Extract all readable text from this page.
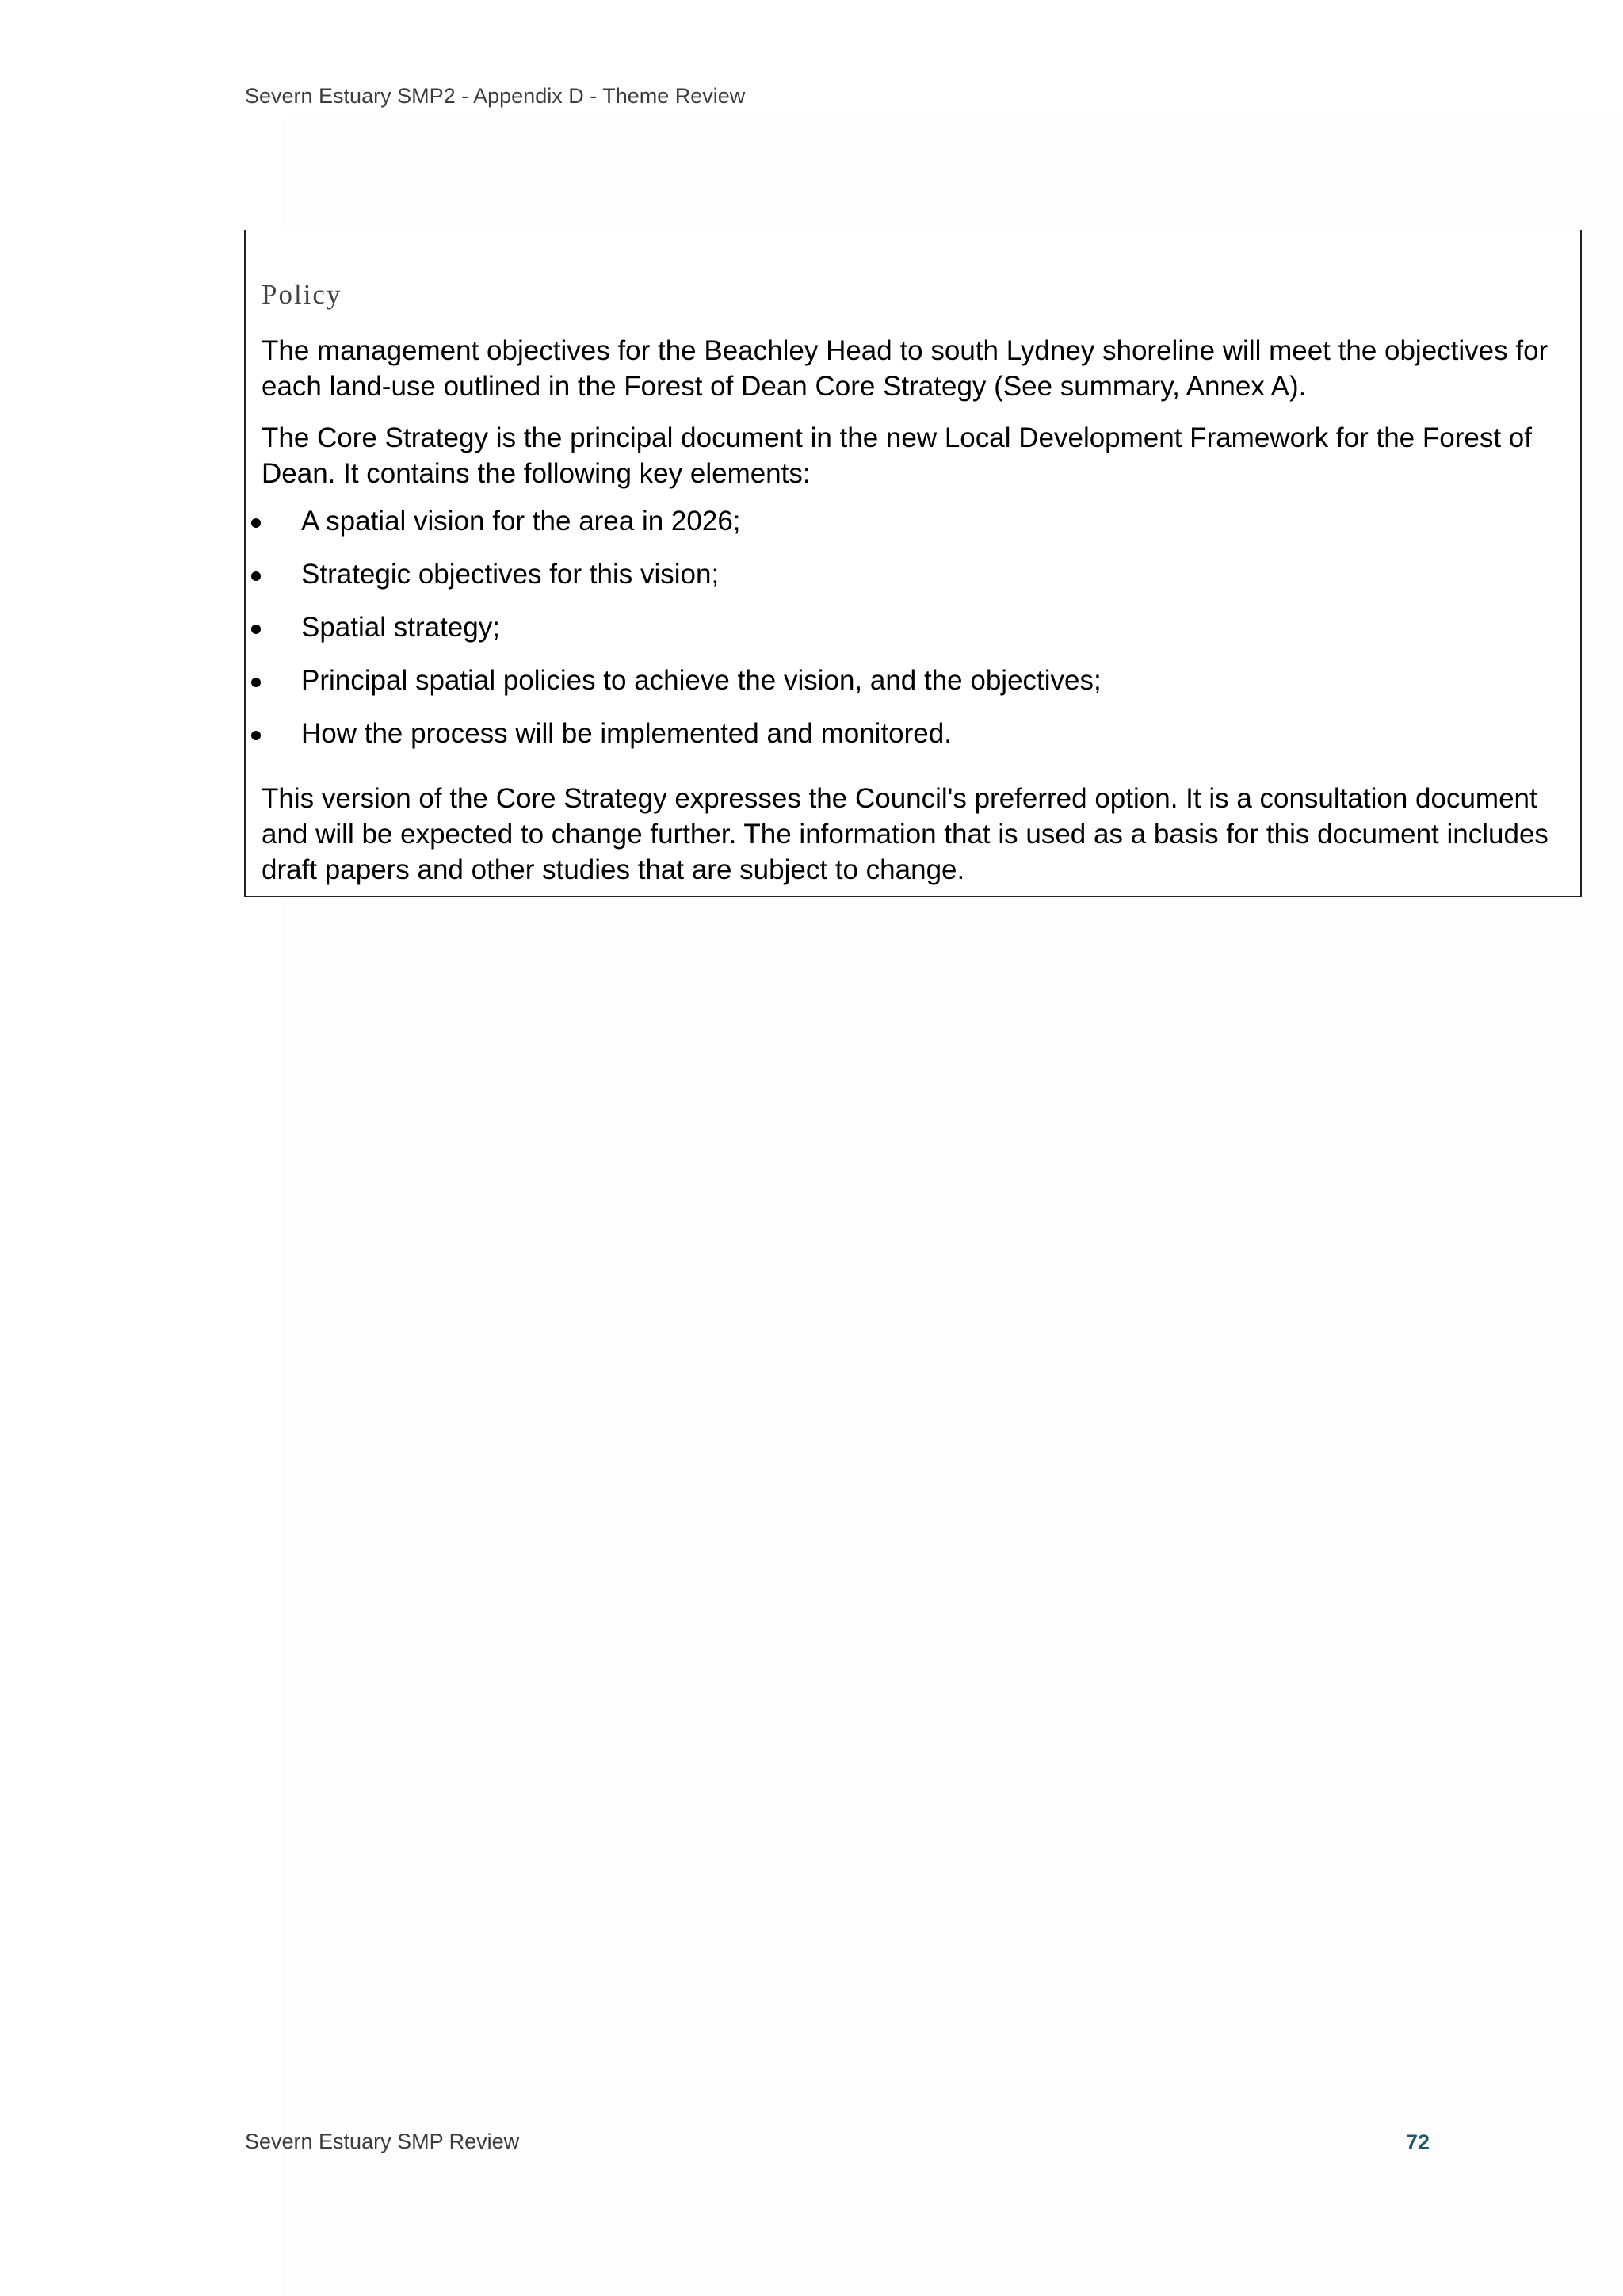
Severn Estuary SMP2 - Appendix D - Theme Review
Policy
The management objectives for the Beachley Head to south Lydney shoreline will meet the objectives for each land-use outlined in the Forest of Dean Core Strategy (See summary, Annex A).
The Core Strategy is the principal document in the new Local Development Framework for the Forest of Dean. It contains the following key elements:
A spatial vision for the area in 2026;
Strategic objectives for this vision;
Spatial strategy;
Principal spatial policies to achieve the vision, and the objectives;
How the process will be implemented and monitored.
This version of the Core Strategy expresses the Council's preferred option. It is a consultation document and will be expected to change further. The information that is used as a basis for this document includes draft papers and other studies that are subject to change.
Severn Estuary SMP Review	72
